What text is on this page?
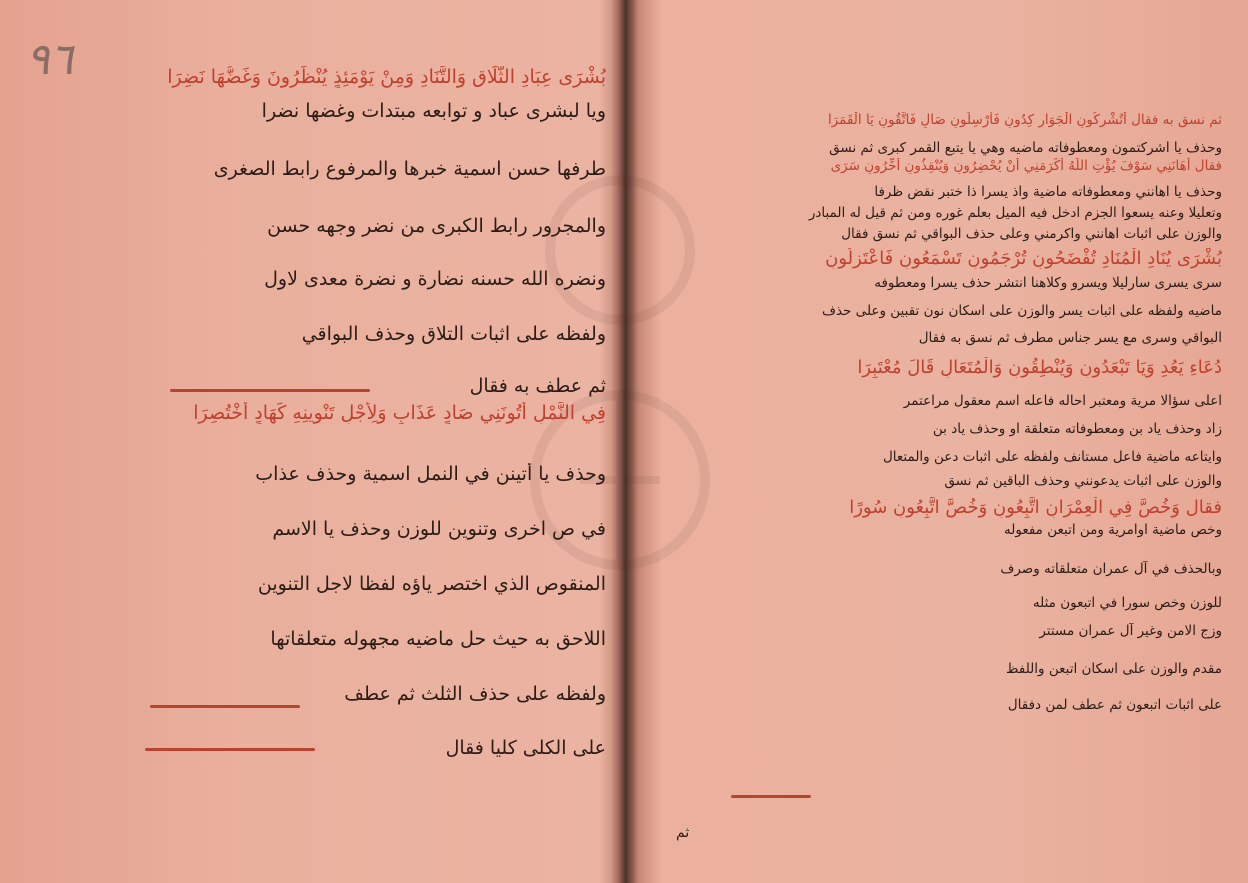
٩٦	بُشْرَى عِبَادِ الثَّلَاقِ وَالتَّنَادِ وَمِنْ يَوْمَئِذٍ يُنْظَرُونَ وَغَضُّهَا نَضِرَا
ويا لبشرى عباد و توابعه مبتدات وغضها نضرا
طرفها حسن اسمية خبرها والمرفوع رابط الصغرى
والمجرور رابط الكبرى من نضر وجهه حسن
ونضره الله حسنه نضارة و نضرة معدى لاول
ولفظه على اثبات التلاق وحذف البواقي
ثم عطف به فقال
فِي النَّمْلِ أَتُونَنِي صَادٍ عَذَابٍ وَلِأَجْلِ تَنْوِينِهِ كَهَادٍ أُخْتُصِرَا
وحذف يا أتينن في النمل اسمية وحذف عذاب
في ص اخرى وتنوين للوزن وحذف يا الاسم
المنقوص الذي اختصر ياؤه لفظا لاجل التنوين
اللاحق به حيث حل ماضيه مجهوله متعلقاتها
ولفظه على حذف الثلث ثم عطف
على الكلى كليا فقال
ثم نسق به فقال أَتُشْرِكُونِ الْجَوَارِ كِدُونِ فَأَرْسِلُونِ صَالٍ فَاتَّقُونِ يَا الْقَمَرَا
وحذف يا اشركتمون ومعطوفاته ماضيه وهي يا يتبع القمر كبرى ثم نسق
فقال أَهَانَنِي سَوْفَ يُؤْتِ اللَّهُ أَكْرَمَنِي أَنْ يُحْضِرُونِ وَيُنْقِذُونِ أَخِّرُونِ سَرَى
وحذف يا اهانني ومعطوفاته ماضية واذ يسرا ذا ختبر نقض ظرفا
وتعليلا وعنه يسعوا الجزم ادخل فيه الميل بعلم غوره ومن ثم قيل له المبادر
والوزن على اثبات اهانني واكرمني وعلى حذف البواقي ثم نسق فقال
بُشْرَى يُنَادِ الْمُنَادِ تُفْضَحُونِ تُرْجَمُونِ تَسْمَعُونِ فَاعْتَزِلُونِ
سرى يسرى سارليلا ويسرو وكلاهنا انتشر حذف يسرا ومعطوفه
ماضيه ولفظه على اثبات يسر والوزن على اسكان نون تقبين وعلى حذف
البواقي وسرى مع يسر جناس مطرف ثم نسق به فقال
دُعَاءِ يَعُدِ وَيَا تَبْعَدُونِ وَيُنْطِقُونِ وَالْمُتَعَالِ قَالَ مُعْتَبِرَا
اعلى سؤالا مرية ومعتبر احاله فاعله اسم معقول مراعتمر
زاد وحذف ياد بن ومعطوفاته متعلقة او وحذف ياد بن
وايتاعه ماضية فاعل مستانف ولفظه على اثبات دعن والمتعال
والوزن على اثبات يدعونني وحذف الباقين ثم نسق
فقال وَخُصَّ فِي الْعِمْرَانِ اتَّبِعُونِ وَخُصَّ اتَّبِعُونِ سُورًا
وخص ماضية اوامرية ومن اتبعن مفعوله
وبالحذف في آل عمران متعلقاته وصرف
للوزن وخص سورا في اتبعون مثله
وزج الامن وغير آل عمران مستتر
مقدم والوزن على اسكان اتبعن واللفظ
على اثبات اتبعون ثم عطف لمن دفقال
ثم
